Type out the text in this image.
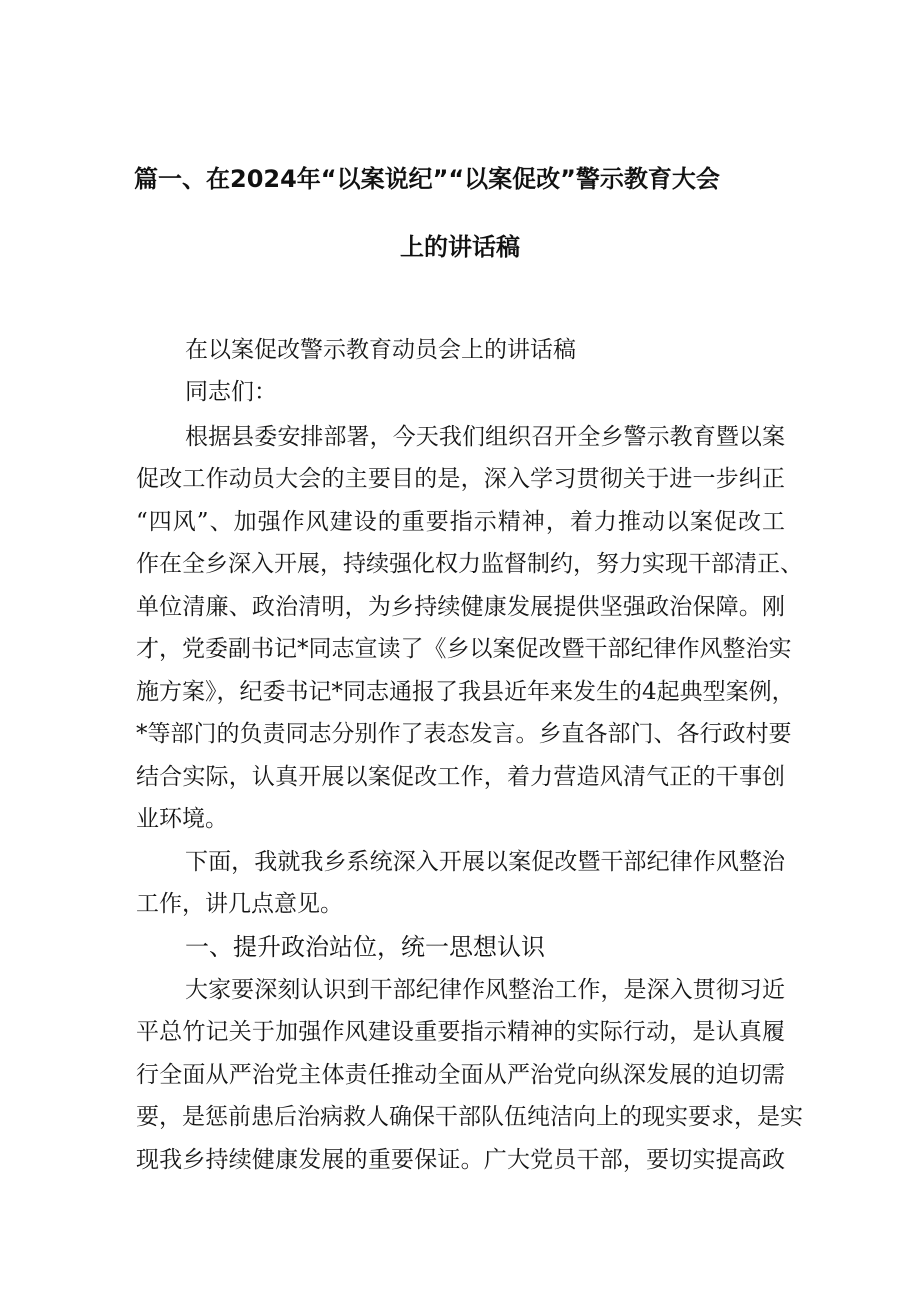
篇一、在2024年“以案说纪”“以案促改”警示教育大会
上的讲话稿
在以案促改警示教育动员会上的讲话稿
同志们：
根据县委安排部署，今天我们组织召开全乡警示教育暨以案
促改工作动员大会的主要目的是，深入学习贯彻关于进一步纠正
“四风”、加强作风建设的重要指示精神，着力推动以案促改工
作在全乡深入开展，持续强化权力监督制约，努力实现干部清正、
单位清廉、政治清明，为乡持续健康发展提供坚强政治保障。刚
才，党委副书记*同志宣读了《乡以案促改暨干部纪律作风整治实
施方案》，纪委书记*同志通报了我县近年来发生的4起典型案例，
*等部门的负责同志分别作了表态发言。乡直各部门、各行政村要
结合实际，认真开展以案促改工作，着力营造风清气正的干事创
业环境。
下面，我就我乡系统深入开展以案促改暨干部纪律作风整治
工作，讲几点意见。
一、提升政治站位，统一思想认识
大家要深刻认识到干部纪律作风整治工作，是深入贯彻习近
平总竹记关于加强作风建设重要指示精神的实际行动，是认真履
行全面从严治党主体责任推动全面从严治党向纵深发展的迫切需
要，是惩前患后治病救人确保干部队伍纯洁向上的现实要求，是实
现我乡持续健康发展的重要保证。广大党员干部，要切实提高政
